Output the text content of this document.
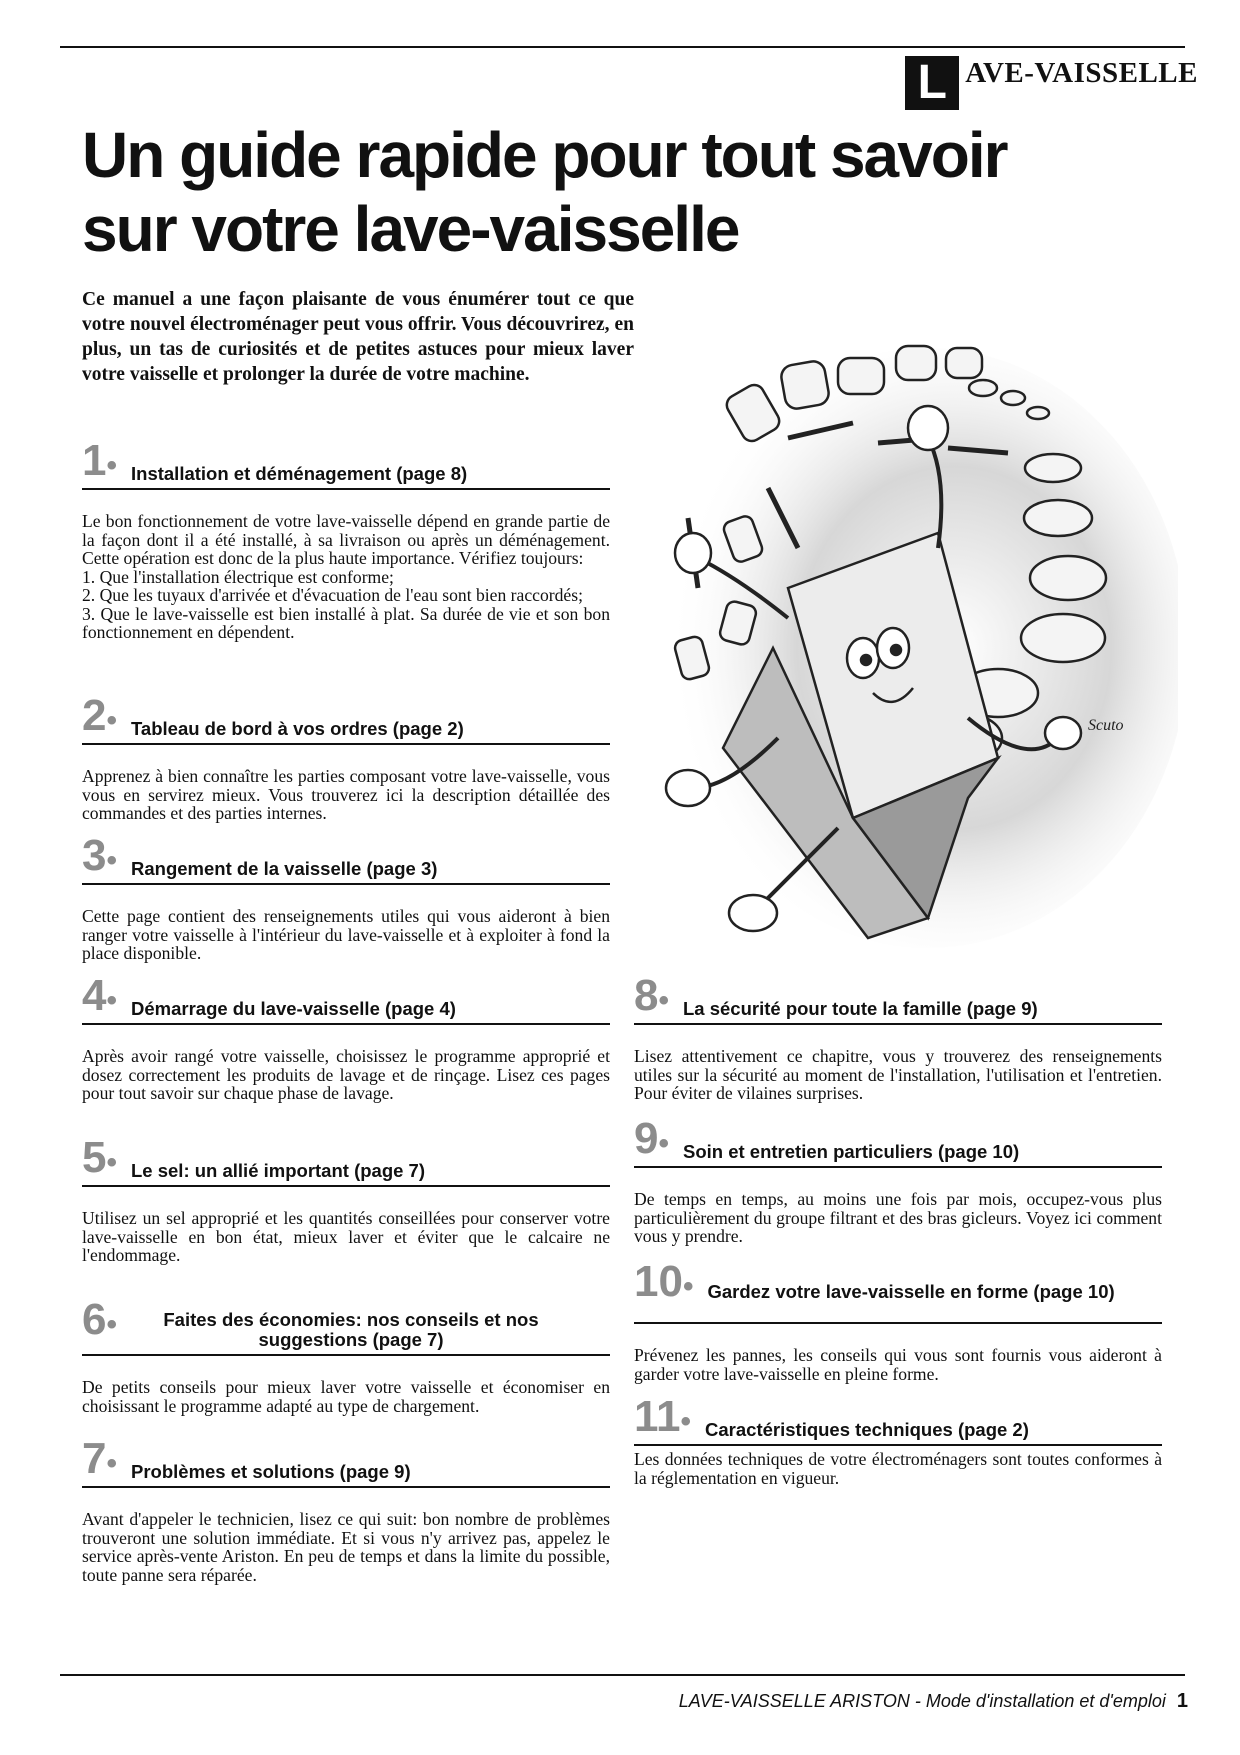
L AVE-VAISSELLE
Un guide rapide pour tout savoir
sur votre lave-vaisselle

Ce manuel a une façon plaisante de vous énumérer tout ce que votre nouvel électroménager peut vous offrir. Vous découvrirez, en plus, un tas de curiosités et de petites astuces pour mieux laver votre vaisselle et prolonger la durée de votre machine.

Scuto
1• Installation et déménagement (page 8)

Le bon fonctionnement de votre lave-vaisselle dépend en grande partie de la façon dont il a été installé, à sa livraison ou après un déménagement. Cette opération est donc de la plus haute importance. Vérifiez toujours:

1. Que l'installation électrique est conforme;

2. Que les tuyaux d'arrivée et d'évacuation de l'eau sont bien raccordés;

3. Que le lave-vaisselle est bien installé à plat. Sa durée de vie et son bon fonctionnement en dépendent.

2• Tableau de bord à vos ordres (page 2)

Apprenez à bien connaître les parties composant votre lave-vaisselle, vous vous en servirez mieux. Vous trouverez ici la description détaillée des commandes et des parties internes.

3• Rangement de la vaisselle (page 3)

Cette page contient des renseignements utiles qui vous aideront à bien ranger votre vaisselle à l'intérieur du lave-vaisselle et à exploiter à fond la place disponible.

4• Démarrage du lave-vaisselle (page 4)

Après avoir rangé votre vaisselle, choisissez le programme approprié et dosez correctement les produits de lavage et de rinçage. Lisez ces pages pour tout savoir sur chaque phase de lavage.

5• Le sel: un allié important (page 7)

Utilisez un sel approprié et les quantités conseillées pour conserver votre lave-vaisselle en bon état, mieux laver et éviter que le calcaire ne l'endommage.

6•	Faites des économies: nos conseils et nos suggestions (page 7)

De petits conseils pour mieux laver votre vaisselle et économiser en choisissant le programme adapté au type de chargement.

7• Problèmes et solutions (page 9)

Avant d'appeler le technicien, lisez ce qui suit: bon nombre de problèmes trouveront une solution immédiate. Et si vous n'y arrivez pas, appelez le service après-vente Ariston. En peu de temps et dans la limite du possible, toute panne sera réparée.

8• La sécurité pour toute la famille (page 9)

Lisez attentivement ce chapitre, vous y trouverez des renseignements utiles sur la sécurité au moment de l'installation, l'utilisation et l'entretien. Pour éviter de vilaines surprises.

9• Soin et entretien particuliers (page 10)

De temps en temps, au moins une fois par mois, occupez-vous plus particulièrement du groupe filtrant et des bras gicleurs. Voyez ici comment vous y prendre.

10• Gardez votre lave-vaisselle en forme (page 10)

Prévenez les pannes, les conseils qui vous sont fournis vous aideront à garder votre lave-vaisselle en pleine forme.

11• Caractéristiques techniques (page 2)

Les données techniques de votre électroménagers sont toutes conformes à la réglementation en vigueur.

LAVE-VAISSELLE ARISTON - Mode d'installation et d'emploi 1
